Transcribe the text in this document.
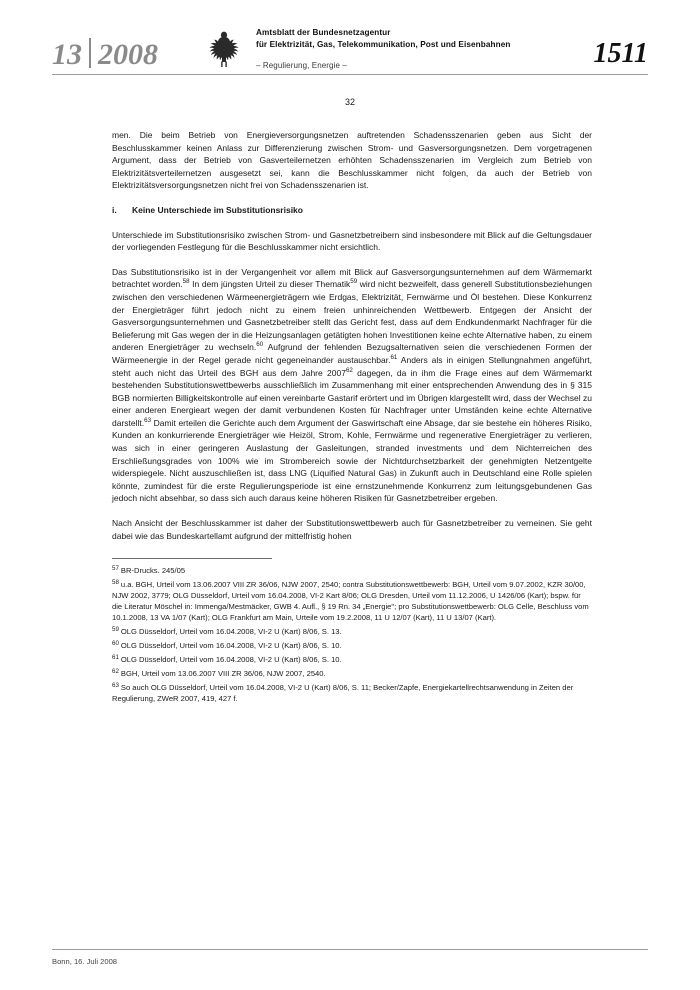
13 2008
Amtsblatt der Bundesnetzagentur
für Elektrizität, Gas, Telekommunikation, Post und Eisenbahnen
– Regulierung, Energie –	1511
32

men. Die beim Betrieb von Energieversorgungsnetzen auftretenden Schadensszenarien geben aus Sicht der Beschlusskammer keinen Anlass zur Differenzierung zwischen Strom- und Gasversorgungsnetzen. Dem vorgetragenen Argument, dass der Betrieb von Gasverteilernetzen erhöhten Schadensszenarien im Vergleich zum Betrieb von Elektrizitätsverteilernetzen ausgesetzt sei, kann die Beschlusskammer nicht folgen, da auch der Betrieb von Elektrizitätsversorgungsnetzen nicht frei von Schadensszenarien ist.

i.	Keine Unterschiede im Substitutionsrisiko

Unterschiede im Substitutionsrisiko zwischen Strom- und Gasnetzbetreibern sind insbesondere mit Blick auf die Geltungsdauer der vorliegenden Festlegung für die Beschlusskammer nicht ersichtlich.

Das Substitutionsrisiko ist in der Vergangenheit vor allem mit Blick auf Gasversorgungsunternehmen auf dem Wärmemarkt betrachtet worden.$^{58}$ In dem jüngsten Urteil zu dieser Thematik$^{59}$ wird nicht bezweifelt, dass generell Substitutionsbeziehungen zwischen den verschiedenen Wärmeenergieträgern wie Erdgas, Elektrizität, Fernwärme und Öl bestehen. Diese Konkurrenz der Energieträger führt jedoch nicht zu einem freien unhinreichenden Wettbewerb. Entgegen der Ansicht der Gasversorgungsunternehmen und Gasnetzbetreiber stellt das Gericht fest, dass auf dem Endkundenmarkt Nachfrager für die Belieferung mit Gas wegen der in die Heizungsanlagen getätigten hohen Investitionen keine echte Alternative haben, zu einem anderen Energieträger zu wechseln.$^{60}$ Aufgrund der fehlenden Bezugsalternativen seien die verschiedenen Formen der Wärmeenergie in der Regel gerade nicht gegeneinander austauschbar.$^{61}$ Anders als in einigen Stellungnahmen angeführt, steht auch nicht das Urteil des BGH aus dem Jahre 2007$^{62}$ dagegen, da in ihm die Frage eines auf dem Wärmemarkt bestehenden Substitutionswettbewerbs ausschließlich im Zusammenhang mit einer entsprechenden Anwendung des in § 315 BGB normierten Billigkeitskontrolle auf einen vereinbarte Gastarif erörtert und im Übrigen klargestellt wird, dass der Wechsel zu einer anderen Energieart wegen der damit verbundenen Kosten für Nachfrager unter Umständen keine echte Alternative darstellt.$^{63}$ Damit erteilen die Gerichte auch dem Argument der Gaswirtschaft eine Absage, dar sie bestehe ein höheres Risiko, Kunden an konkurrierende Energieträger wie Heizöl, Strom, Kohle, Fernwärme und regenerative Energieträger zu verlieren, was sich in einer geringeren Auslastung der Gasleitungen, stranded investments und dem Nichterreichen des Erschließungsgrades von 100% wie im Strombereich sowie der Nichtdurchsetzbarkeit der genehmigten Netzentgelte widerspiegele. Nicht auszuschließen ist, dass LNG (Liquified Natural Gas) in Zukunft auch in Deutschland eine Rolle spielen könnte, zumindest für die erste Regulierungsperiode ist eine ernstzunehmende Konkurrenz zum leitungsgebundenen Gas jedoch nicht absehbar, so dass sich auch daraus keine höheren Risiken für Gasnetzbetreiber ergeben.

Nach Ansicht der Beschlusskammer ist daher der Substitutionswettbewerb auch für Gasnetzbetreiber zu verneinen. Sie geht dabei wie das Bundeskartellamt aufgrund der mittelfristig hohen

$^{57}$ BR-Drucks. 245/05

$^{58}$ u.a. BGH, Urteil vom 13.06.2007 VIII ZR 36/06, NJW 2007, 2540; contra Substitutionswettbewerb: BGH, Urteil vom 9.07.2002, KZR 30/00, NJW 2002, 3779; OLG Düsseldorf, Urteil vom 16.04.2008, VI-2 Kart 8/06; OLG Dresden, Urteil vom 11.12.2006, U 1426/06 (Kart); bspw. für die Literatur Möschel in: Immenga/Mestmäcker, GWB 4. Aufl., § 19 Rn. 34 „Energie"; pro Substitutionswettbewerb: OLG Celle, Beschluss vom 10.1.2008, 13 VA 1/07 (Kart); OLG Frankfurt am Main, Urteile vom 19.2.2008, 11 U 12/07 (Kart), 11 U 13/07 (Kart).

$^{59}$ OLG Düsseldorf, Urteil vom 16.04.2008, VI-2 U (Kart) 8/06, S. 13.

$^{60}$ OLG Düsseldorf, Urteil vom 16.04.2008, VI-2 U (Kart) 8/06, S. 10.

$^{61}$ OLG Düsseldorf, Urteil vom 16.04.2008, VI-2 U (Kart) 8/06, S. 10.

$^{62}$ BGH, Urteil vom 13.06.2007 VIII ZR 36/06, NJW 2007, 2540.

$^{63}$ So auch OLG Düsseldorf, Urteil vom 16.04.2008, VI-2 U (Kart) 8/06, S. 11; Becker/Zapfe, Energiekartellrechtsanwendung in Zeiten der Regulierung, ZWeR 2007, 419, 427 f.

Bonn, 16. Juli 2008
